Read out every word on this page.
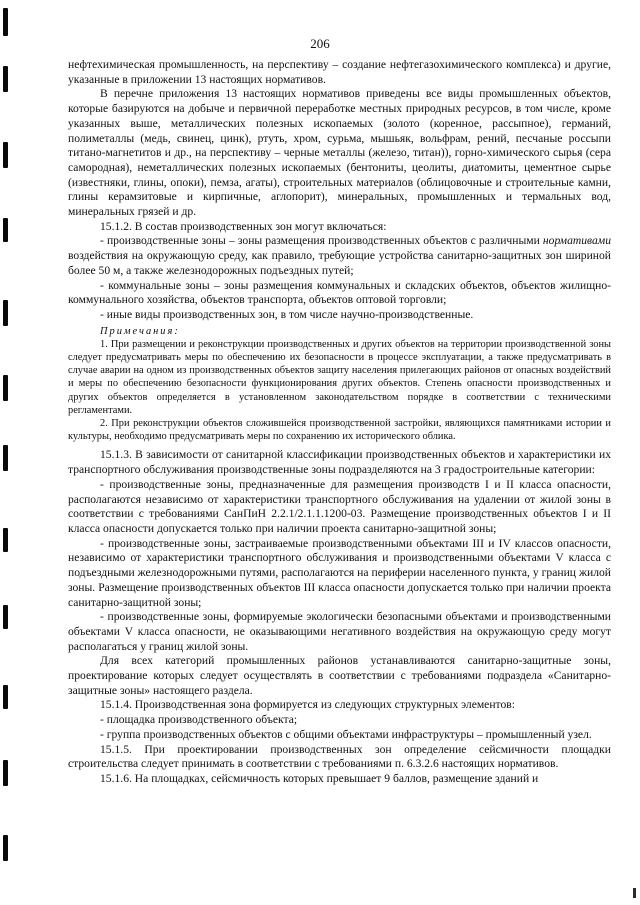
206

нефтехимическая промышленность, на перспективу – создание нефтегазохимического комплекса) и другие, указанные в приложении 13 настоящих нормативов.

В перечне приложения 13 настоящих нормативов приведены все виды промышленных объектов, которые базируются на добыче и первичной переработке местных природных ресурсов, в том числе, кроме указанных выше, металлических полезных ископаемых (золото (коренное, рассыпное), германий, полиметаллы (медь, свинец, цинк), ртуть, хром, сурьма, мышьяк, вольфрам, рений, песчаные россыпи титано-магнетитов и др., на перспективу – черные металлы (железо, титан)), горно-химического сырья (сера самородная), неметаллических полезных ископаемых (бентониты, цеолиты, диатомиты, цементное сырье (известняки, глины, опоки), пемза, агаты), строительных материалов (облицовочные и строительные камни, глины керамзитовые и кирпичные, аглопорит), минеральных, промышленных и термальных вод, минеральных грязей и др.

15.1.2. В состав производственных зон могут включаться:

- производственные зоны – зоны размещения производственных объектов с различными нормативами воздействия на окружающую среду, как правило, требующие устройства санитарно-защитных зон шириной более 50 м, а также железнодорожных подъездных путей;

- коммунальные зоны – зоны размещения коммунальных и складских объектов, объектов жилищно-коммунального хозяйства, объектов транспорта, объектов оптовой торговли;

- иные виды производственных зон, в том числе научно-производственные.

Примечания:

1. При размещении и реконструкции производственных и других объектов на территории производственной зоны следует предусматривать меры по обеспечению их безопасности в процессе эксплуатации, а также предусматривать в случае аварии на одном из производственных объектов защиту населения прилегающих районов от опасных воздействий и меры по обеспечению безопасности функционирования других объектов. Степень опасности производственных и других объектов определяется в установленном законодательством порядке в соответствии с техническими регламентами.

2. При реконструкции объектов сложившейся производственной застройки, являющихся памятниками истории и культуры, необходимо предусматривать меры по сохранению их исторического облика.

15.1.3. В зависимости от санитарной классификации производственных объектов и характеристики их транспортного обслуживания производственные зоны подразделяются на 3 градостроительные категории:

- производственные зоны, предназначенные для размещения производств I и II класса опасности, располагаются независимо от характеристики транспортного обслуживания на удалении от жилой зоны в соответствии с требованиями СанПиН 2.2.1/2.1.1.1200-03. Размещение производственных объектов I и II класса опасности допускается только при наличии проекта санитарно-защитной зоны;

- производственные зоны, застраиваемые производственными объектами III и IV классов опасности, независимо от характеристики транспортного обслуживания и производственными объектами V класса с подъездными железнодорожными путями, располагаются на периферии населенного пункта, у границ жилой зоны. Размещение производственных объектов III класса опасности допускается только при наличии проекта санитарно-защитной зоны;

- производственные зоны, формируемые экологически безопасными объектами и производственными объектами V класса опасности, не оказывающими негативного воздействия на окружающую среду могут располагаться у границ жилой зоны.

Для всех категорий промышленных районов устанавливаются санитарно-защитные зоны, проектирование которых следует осуществлять в соответствии с требованиями подраздела «Санитарно-защитные зоны» настоящего раздела.

15.1.4. Производственная зона формируется из следующих структурных элементов:

- площадка производственного объекта;

- группа производственных объектов с общими объектами инфраструктуры – промышленный узел.

15.1.5. При проектировании производственных зон определение сейсмичности площадки строительства следует принимать в соответствии с требованиями п. 6.3.2.6 настоящих нормативов.

15.1.6. На площадках, сейсмичность которых превышает 9 баллов, размещение зданий и
